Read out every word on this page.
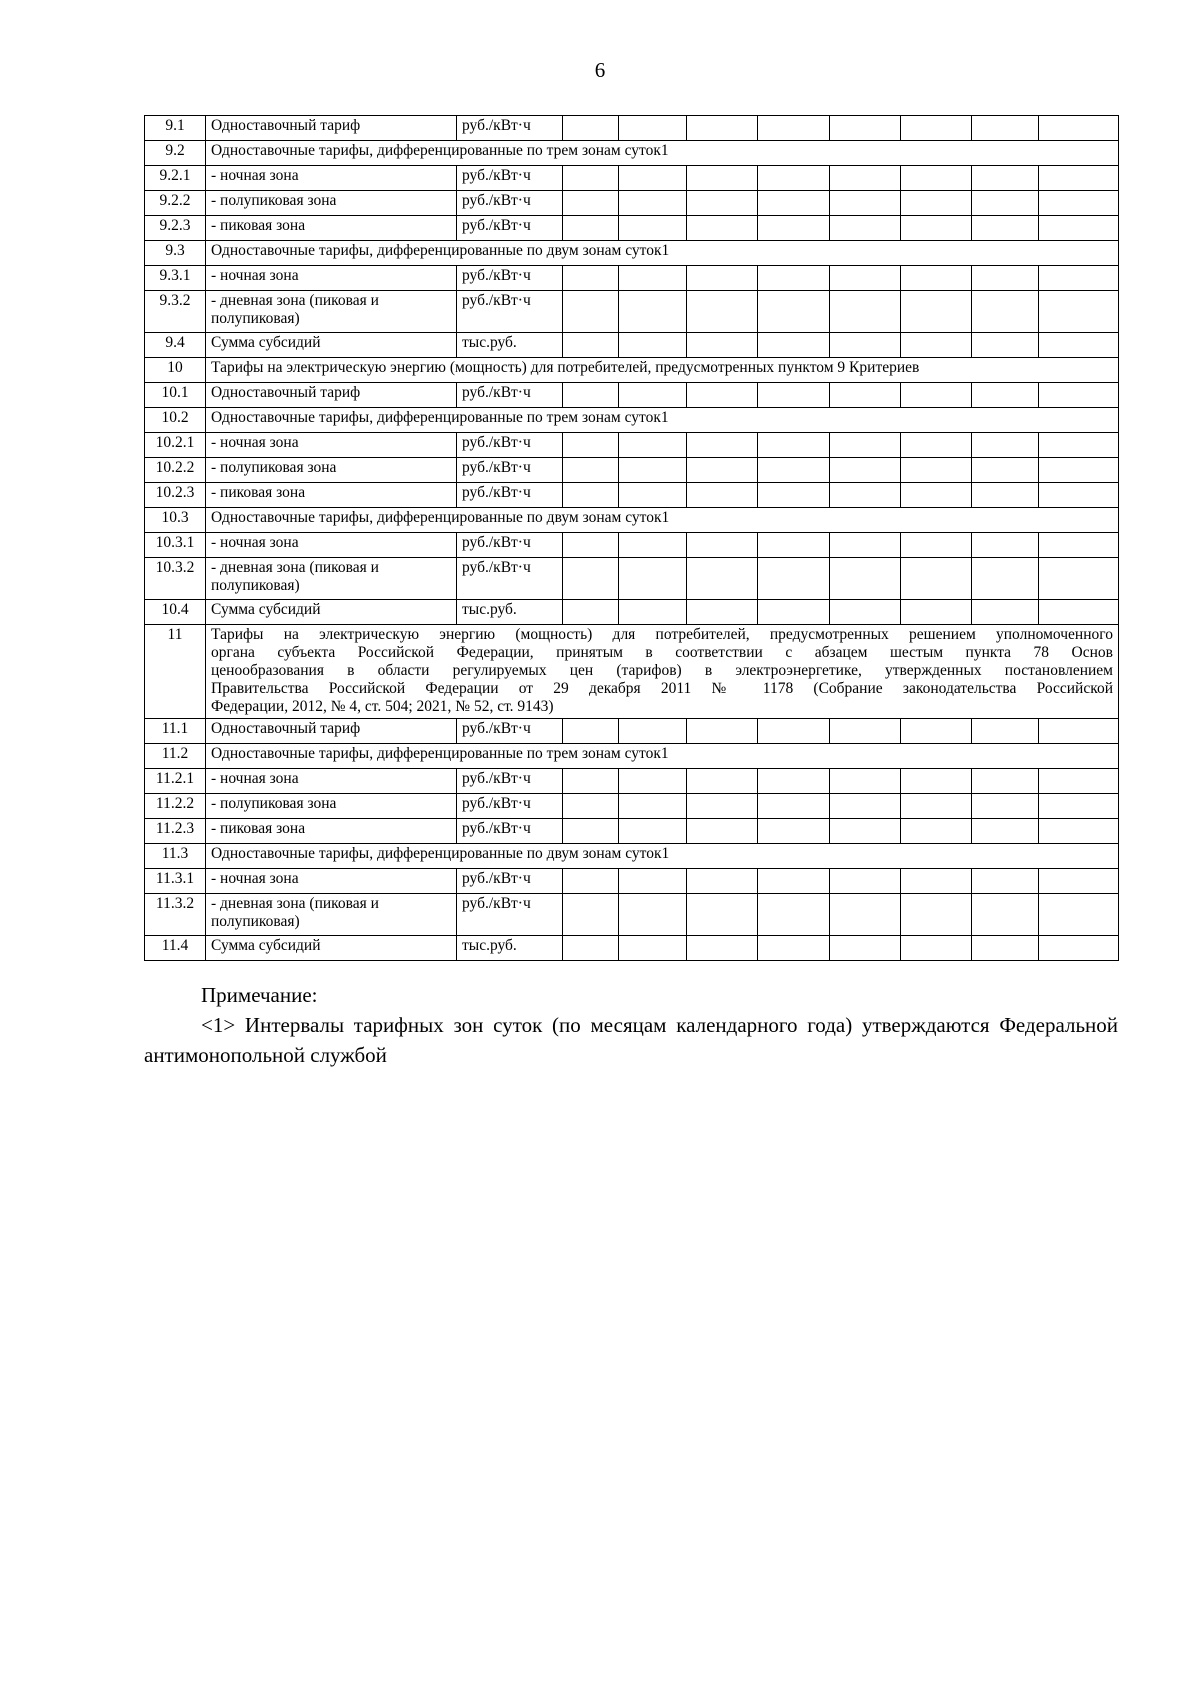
6
9.1	Одноставочный тариф	руб./кВт·ч								
9.2	Одноставочные тарифы, дифференцированные по трем зонам суток1									
9.2.1	- ночная зона	руб./кВт·ч								
9.2.2	- полупиковая зона	руб./кВт·ч								
9.2.3	- пиковая зона	руб./кВт·ч								
9.3	Одноставочные тарифы, дифференцированные по двум зонам суток1									
9.3.1	- ночная зона	руб./кВт·ч								
9.3.2	- дневная зона (пиковая и полупиковая)	руб./кВт·ч								
9.4	Сумма субсидий	тыс.руб.								
10	Тарифы на электрическую энергию (мощность) для потребителей, предусмотренных пунктом 9 Критериев									
10.1	Одноставочный тариф	руб./кВт·ч								
10.2	Одноставочные тарифы, дифференцированные по трем зонам суток1									
10.2.1	- ночная зона	руб./кВт·ч								
10.2.2	- полупиковая зона	руб./кВт·ч								
10.2.3	- пиковая зона	руб./кВт·ч								
10.3	Одноставочные тарифы, дифференцированные по двум зонам суток1									
10.3.1	- ночная зона	руб./кВт·ч								
10.3.2	- дневная зона (пиковая и полупиковая)	руб./кВт·ч								
10.4	Сумма субсидий	тыс.руб.								
11	Тарифы на электрическую энергию (мощность) для потребителей, предусмотренных решением уполномоченного
органа субъекта Российской Федерации, принятым в соответствии с абзацем шестым пункта 78 Основ
ценообразования в области регулируемых цен (тарифов) в электроэнергетике, утвержденных постановлением
Правительства Российской Федерации от 29 декабря 2011 № 1178 (Собрание законодательства Российской
Федерации, 2012, № 4, ст. 504; 2021, № 52, ст. 9143)									

11.1	Одноставочный тариф	руб./кВт·ч								
11.2	Одноставочные тарифы, дифференцированные по трем зонам суток1									
11.2.1	- ночная зона	руб./кВт·ч								
11.2.2	- полупиковая зона	руб./кВт·ч								
11.2.3	- пиковая зона	руб./кВт·ч								
11.3	Одноставочные тарифы, дифференцированные по двум зонам суток1									
11.3.1	- ночная зона	руб./кВт·ч								
11.3.2	- дневная зона (пиковая и полупиковая)	руб./кВт·ч								
11.4	Сумма субсидий	тыс.руб.								
Примечание:

<1> Интервалы тарифных зон суток (по месяцам календарного года) утверждаются Федеральной антимонопольной службой
